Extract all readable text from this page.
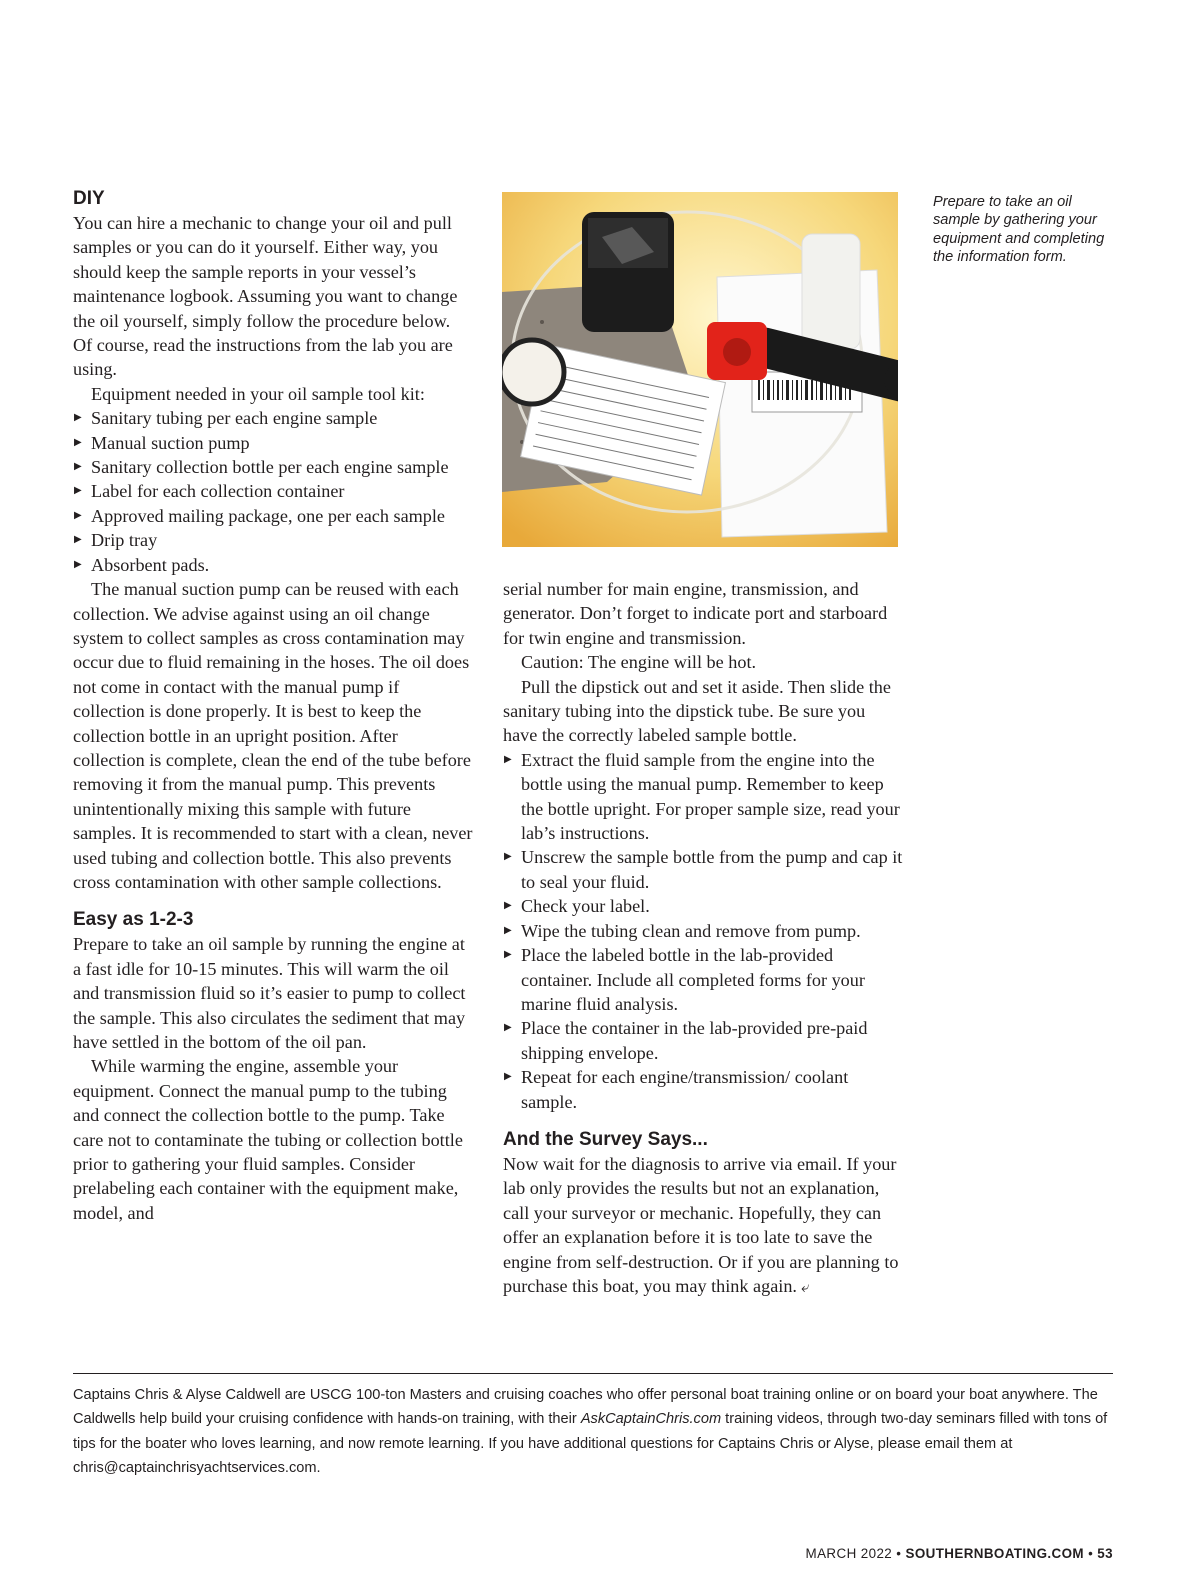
DIY

You can hire a mechanic to change your oil and pull samples or you can do it yourself. Either way, you should keep the sample reports in your vessel’s maintenance logbook. Assuming you want to change the oil yourself, simply follow the procedure below. Of course, read the instructions from the lab you are using.

Equipment needed in your oil sample tool kit:

▶ Sanitary tubing per each engine sample
▶ Manual suction pump
▶ Sanitary collection bottle per each engine sample
▶ Label for each collection container
▶ Approved mailing package, one per each sample
▶ Drip tray
▶ Absorbent pads.

The manual suction pump can be reused with each collection. We advise against using an oil change system to collect samples as cross contamination may occur due to fluid remaining in the hoses. The oil does not come in contact with the manual pump if collection is done properly. It is best to keep the collection bottle in an upright position. After collection is complete, clean the end of the tube before removing it from the manual pump. This prevents unintentionally mixing this sample with future samples. It is recommended to start with a clean, never used tubing and collection bottle. This also prevents cross contamination with other sample collections.

Easy as 1-2-3

Prepare to take an oil sample by running the engine at a fast idle for 10-15 minutes. This will warm the oil and transmission fluid so it’s easier to pump to collect the sample. This also circulates the sediment that may have settled in the bottom of the oil pan.

While warming the engine, assemble your equipment. Connect the manual pump to the tubing and connect the collection bottle to the pump. Take care not to contaminate the tubing or collection bottle prior to gathering your fluid samples. Consider prelabeling each container with the equipment make, model, and

Prepare to take an oil sample by gathering your equipment and completing the information form.

serial number for main engine, transmission, and generator. Don’t forget to indicate port and starboard for twin engine and transmission.

Caution: The engine will be hot.

Pull the dipstick out and set it aside. Then slide the sanitary tubing into the dipstick tube. Be sure you have the correctly labeled sample bottle.

▶ Extract the fluid sample from the engine into the bottle using the manual pump. Remember to keep the bottle upright. For proper sample size, read your lab’s instructions.
▶ Unscrew the sample bottle from the pump and cap it to seal your fluid.
▶ Check your label.
▶ Wipe the tubing clean and remove from pump.
▶ Place the labeled bottle in the lab-provided container. Include all completed forms for your marine fluid analysis.
▶ Place the container in the lab-provided pre-paid shipping envelope.
▶ Repeat for each engine/transmission/ coolant sample.
And the Survey Says...

Now wait for the diagnosis to arrive via email. If your lab only provides the results but not an explanation, call your surveyor or mechanic. Hopefully, they can offer an explanation before it is too late to save the engine from self-destruction. Or if you are planning to purchase this boat, you may think again. ⤶

Captains Chris & Alyse Caldwell are USCG 100-ton Masters and cruising coaches who offer personal boat training online or on board your boat anywhere. The Caldwells help build your cruising confidence with hands-on training, with their AskCaptainChris.com training videos, through two-day seminars filled with tons of tips for the boater who loves learning, and now remote learning. If you have additional questions for Captains Chris or Alyse, please email them at chris@captainchrisyachtservices.com.

MARCH 2022 • SOUTHERNBOATING.COM • 53
